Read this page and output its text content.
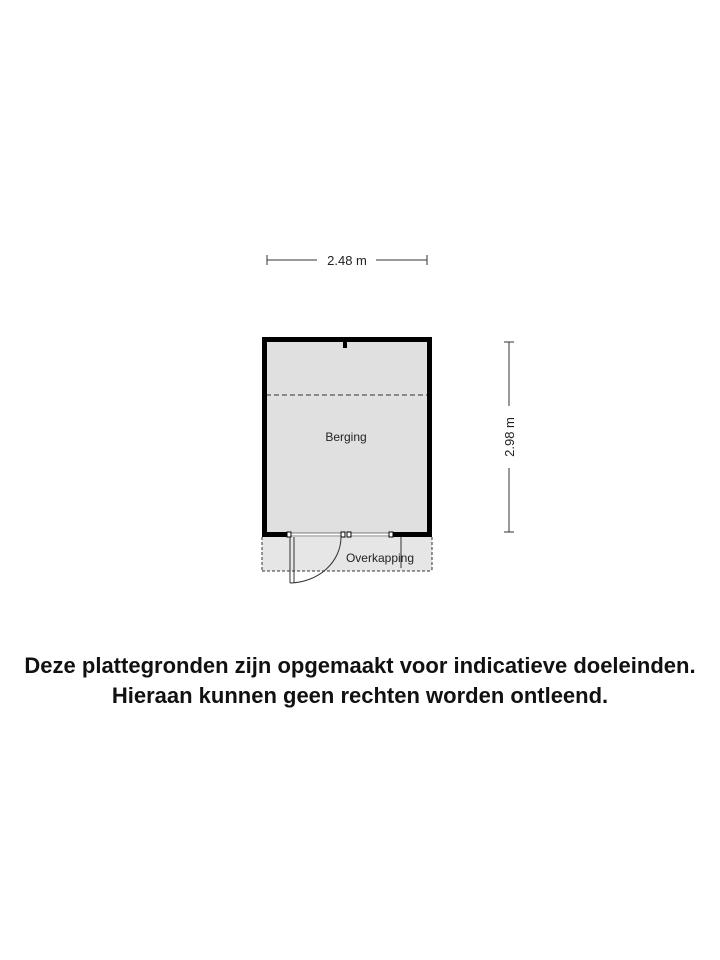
2.48 m
2.98 m
Overkapping
Berging
Deze plattegronden zijn opgemaakt voor indicatieve doeleinden.
Hieraan kunnen geen rechten worden ontleend.
